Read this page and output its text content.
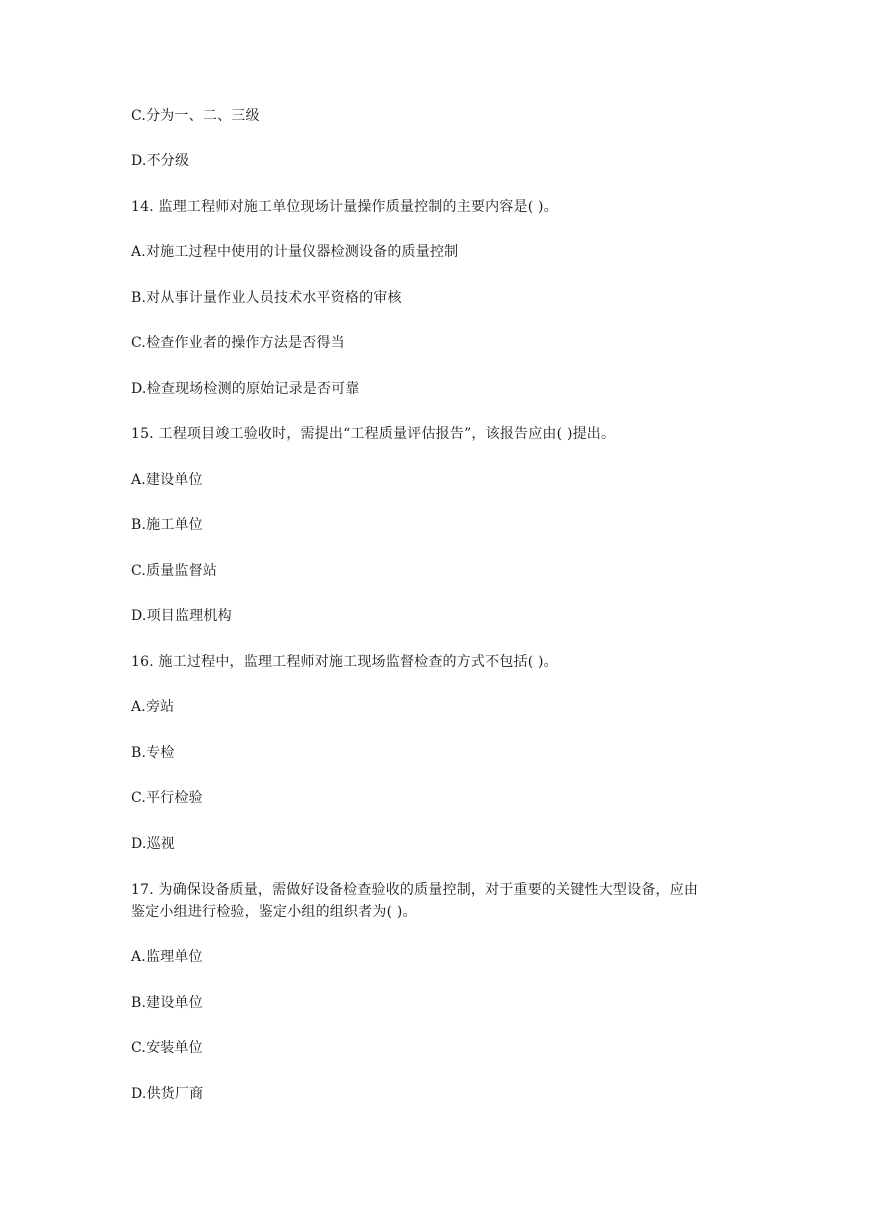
C.分为一、二、三级
D.不分级
14. 监理工程师对施工单位现场计量操作质量控制的主要内容是( )。
A.对施工过程中使用的计量仪器检测设备的质量控制
B.对从事计量作业人员技术水平资格的审核
C.检查作业者的操作方法是否得当
D.检查现场检测的原始记录是否可靠
15. 工程项目竣工验收时，需提出“工程质量评估报告”，该报告应由( )提出。
A.建设单位
B.施工单位
C.质量监督站
D.项目监理机构
16. 施工过程中，监理工程师对施工现场监督检查的方式不包括( )。
A.旁站
B.专检
C.平行检验
D.巡视
17. 为确保设备质量，需做好设备检查验收的质量控制，对于重要的关键性大型设备，应由
鉴定小组进行检验，鉴定小组的组织者为( )。
A.监理单位
B.建设单位
C.安装单位
D.供货厂商
